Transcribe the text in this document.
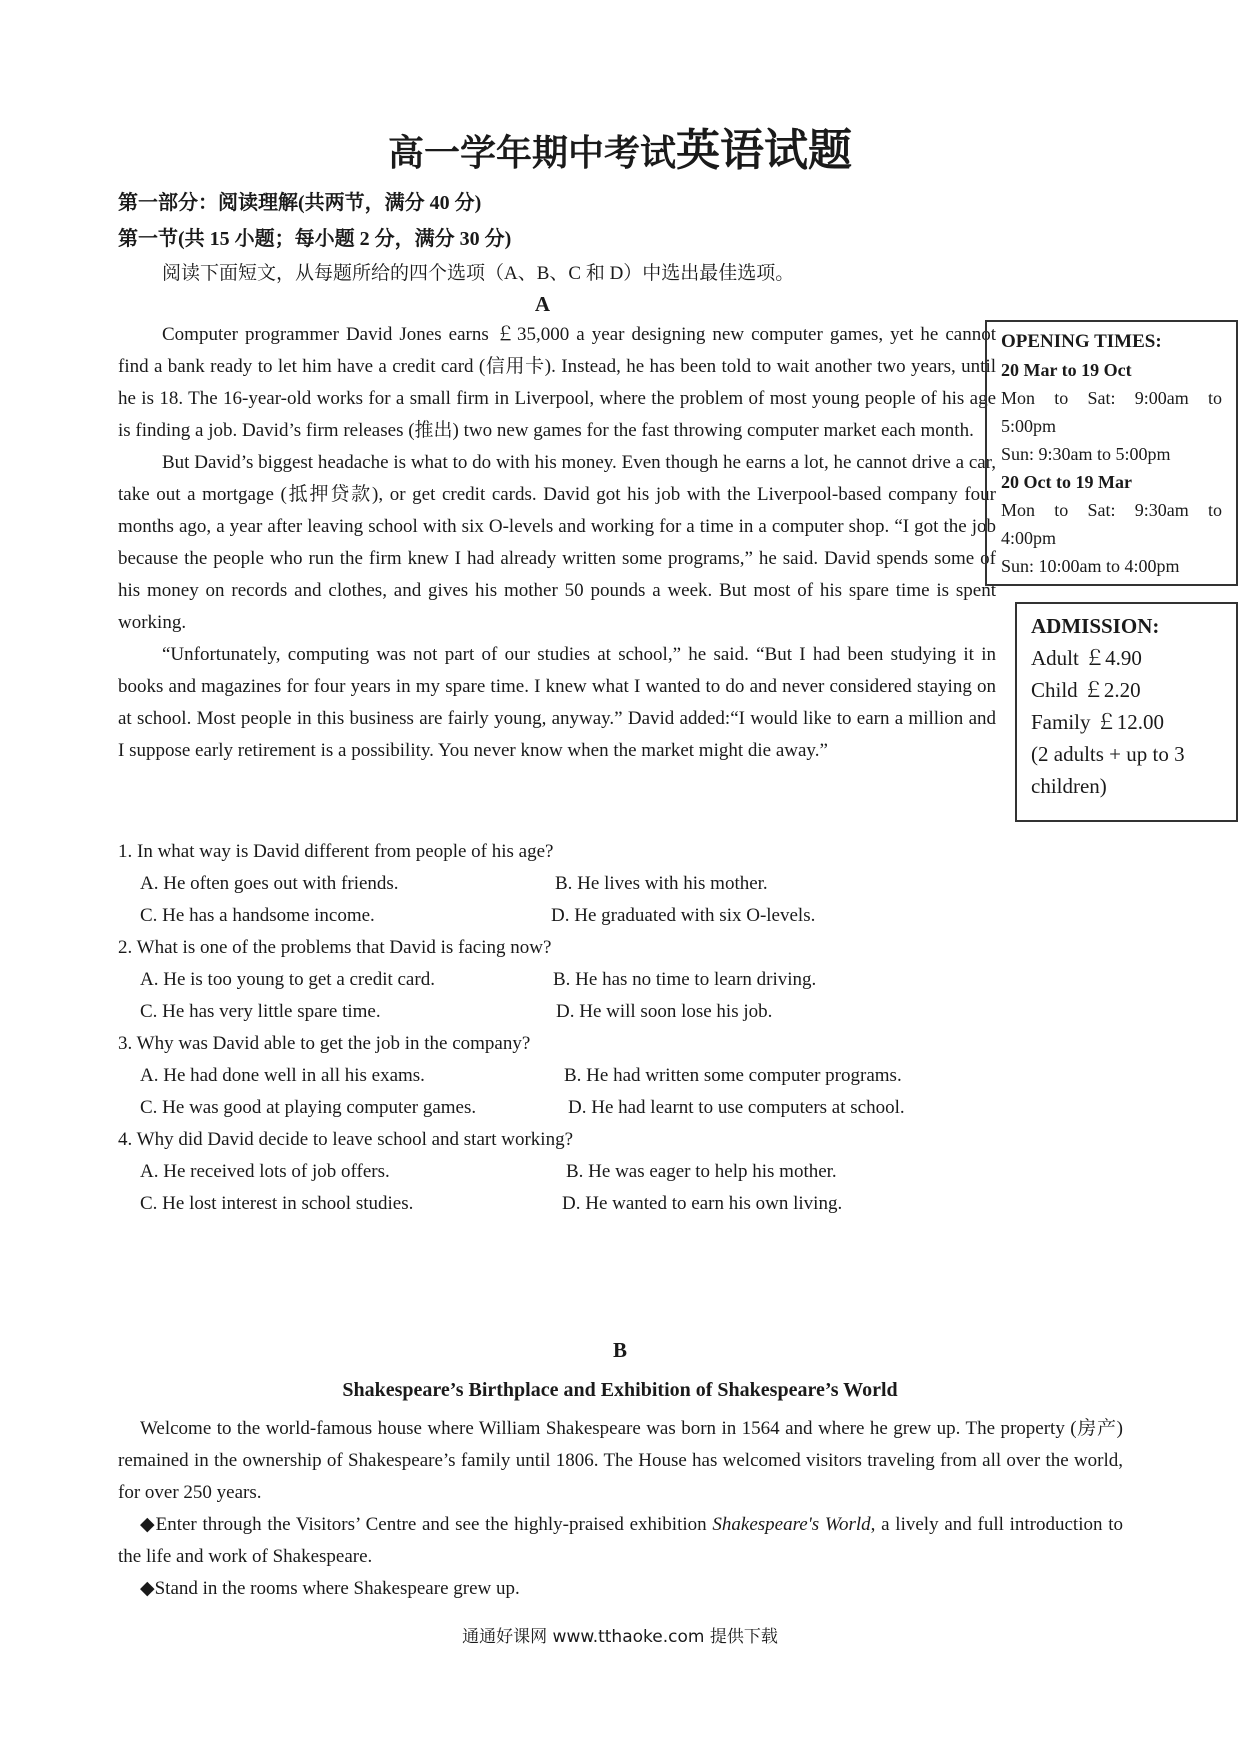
高一学年期中考试英语试题
第一部分：阅读理解(共两节，满分 40 分)
第一节(共 15 小题；每小题 2 分，满分 30 分)
阅读下面短文，从每题所给的四个选项（A、B、C 和 D）中选出最佳选项。
A

Computer programmer David Jones earns ￡35,000 a year designing new computer games, yet he cannot find a bank ready to let him have a credit card (信用卡). Instead, he has been told to wait another two years, until he is 18. The 16-year-old works for a small firm in Liverpool, where the problem of most young people of his age is finding a job. David’s firm releases (推出) two new games for the fast throwing computer market each month.

But David’s biggest headache is what to do with his money. Even though he earns a lot, he cannot drive a car, take out a mortgage (抵押贷款), or get credit cards. David got his job with the Liverpool-based company four months ago, a year after leaving school with six O-levels and working for a time in a computer shop. “I got the job because the people who run the firm knew I had already written some programs,” he said. David spends some of his money on records and clothes, and gives his mother 50 pounds a week. But most of his spare time is spent working.

“Unfortunately, computing was not part of our studies at school,” he said. “But I had been studying it in books and magazines for four years in my spare time. I knew what I wanted to do and never considered staying on at school. Most people in this business are fairly young, anyway.” David added:“I would like to earn a million and I suppose early retirement is a possibility. You never know when the market might die away.”

OPENING TIMES:
20 Mar to 19 Oct
Mon to Sat: 9:00am to 5:00pm
Sun: 9:30am to 5:00pm
20 Oct to 19 Mar
Mon to Sat: 9:30am to 4:00pm
Sun: 10:00am to 4:00pm
ADMISSION:
Adult ￡4.90
Child ￡2.20
Family ￡12.00
(2 adults + up to 3 children)
1. In what way is David different from people of his age?
A. He often goes out with friends.	B. He lives with his mother.
C. He has a handsome income.	D. He graduated with six O-levels.
2. What is one of the problems that David is facing now?
A. He is too young to get a credit card.	B. He has no time to learn driving.
C. He has very little spare time.	D. He will soon lose his job.
3. Why was David able to get the job in the company?
A. He had done well in all his exams.	B. He had written some computer programs.
C. He was good at playing computer games.	D. He had learnt to use computers at school.
4. Why did David decide to leave school and start working?
A. He received lots of job offers.	B. He was eager to help his mother.
C. He lost interest in school studies.	D. He wanted to earn his own living.
B
Shakespeare’s Birthplace and Exhibition of Shakespeare’s World

Welcome to the world-famous house where William Shakespeare was born in 1564 and where he grew up. The property (房产) remained in the ownership of Shakespeare’s family until 1806. The House has welcomed visitors traveling from all over the world, for over 250 years.

◆Enter through the Visitors’ Centre and see the highly-praised exhibition Shakespeare's World, a lively and full introduction to the life and work of Shakespeare.

◆Stand in the rooms where Shakespeare grew up.

通通好课网 www.tthaoke.com 提供下载
